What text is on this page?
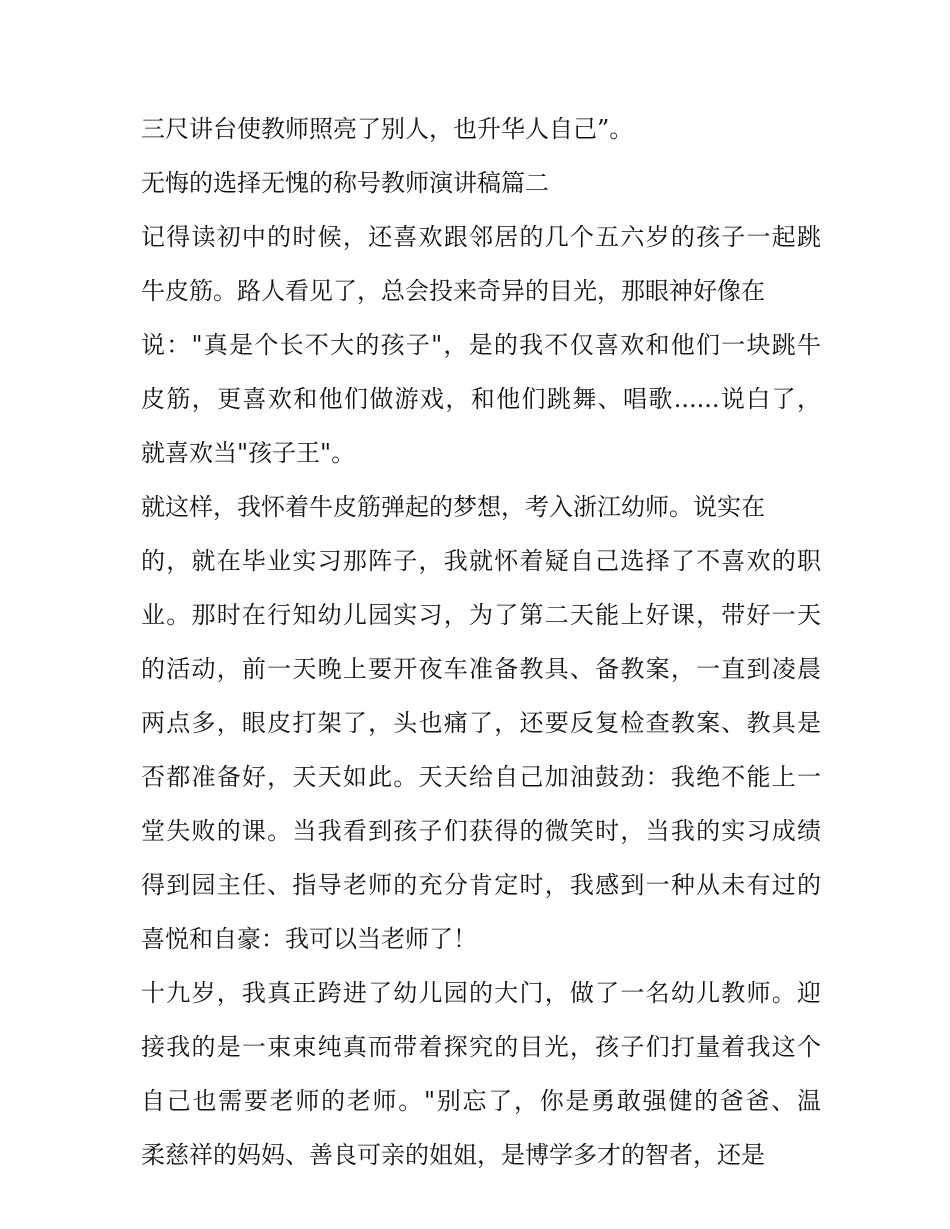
三尺讲台使教师照亮了别人，也升华人自己”。

无悔的选择无愧的称号教师演讲稿篇二

记得读初中的时候，还喜欢跟邻居的几个五六岁的孩子一起跳

牛皮筋。路人看见了，总会投来奇异的目光，那眼神好像在

说："真是个长不大的孩子"，是的我不仅喜欢和他们一块跳牛

皮筋，更喜欢和他们做游戏，和他们跳舞、唱歌......说白了，

就喜欢当"孩子王"。

就这样，我怀着牛皮筋弹起的梦想，考入浙江幼师。说实在

的，就在毕业实习那阵子，我就怀着疑自己选择了不喜欢的职

业。那时在行知幼儿园实习，为了第二天能上好课，带好一天

的活动，前一天晚上要开夜车准备教具、备教案，一直到凌晨

两点多，眼皮打架了，头也痛了，还要反复检查教案、教具是

否都准备好，天天如此。天天给自己加油鼓劲：我绝不能上一

堂失败的课。当我看到孩子们获得的微笑时，当我的实习成绩

得到园主任、指导老师的充分肯定时，我感到一种从未有过的

喜悦和自豪：我可以当老师了！

十九岁，我真正跨进了幼儿园的大门，做了一名幼儿教师。迎

接我的是一束束纯真而带着探究的目光，孩子们打量着我这个

自己也需要老师的老师。"别忘了，你是勇敢强健的爸爸、温

柔慈祥的妈妈、善良可亲的姐姐，是博学多才的智者，还是
